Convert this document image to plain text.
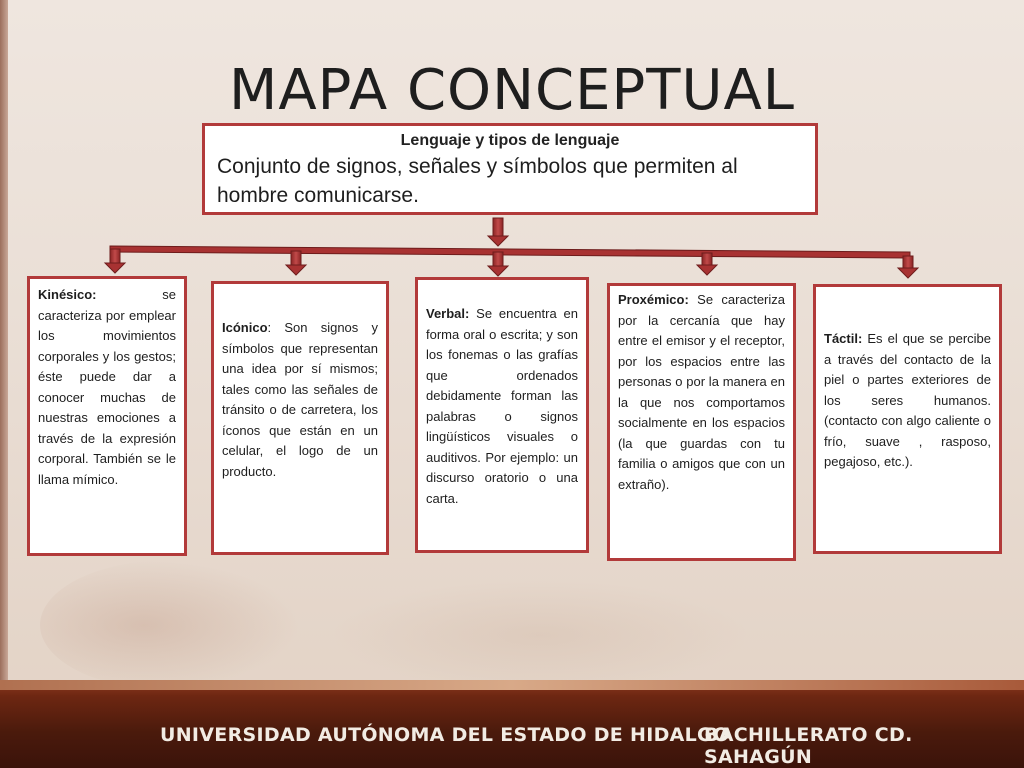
MAPA CONCEPTUAL
Lenguaje y tipos de lenguaje
Conjunto de signos, señales y símbolos que permiten al hombre comunicarse.
Kinésico: se caracteriza por emplear los movimientos corporales y los gestos; éste puede dar a conocer muchas de nuestras emociones a través de la expresión corporal. También se le llama mímico.
Icónico: Son signos y símbolos que representan una idea por sí mismos; tales como las señales de tránsito o de carretera, los íconos que están en un celular, el logo de un producto.
Verbal: Se encuentra en forma oral o escrita; y son los fonemas o las grafías que ordenados debidamente forman las palabras o signos lingüísticos visuales o auditivos. Por ejemplo: un discurso oratorio o una carta.
Proxémico: Se caracteriza por la cercanía que hay entre el emisor y el receptor, por los espacios entre las personas o por la manera en la que nos comportamos socialmente en los espacios (la que guardas con tu familia o amigos que con un extraño).
Táctil: Es el que se percibe a través del contacto de la piel o partes exteriores de los seres humanos. (contacto con algo caliente o frío, suave , rasposo, pegajoso, etc.).
UNIVERSIDAD AUTÓNOMA DEL ESTADO DE HIDALGO
BACHILLERATO CD. SAHAGÚN
